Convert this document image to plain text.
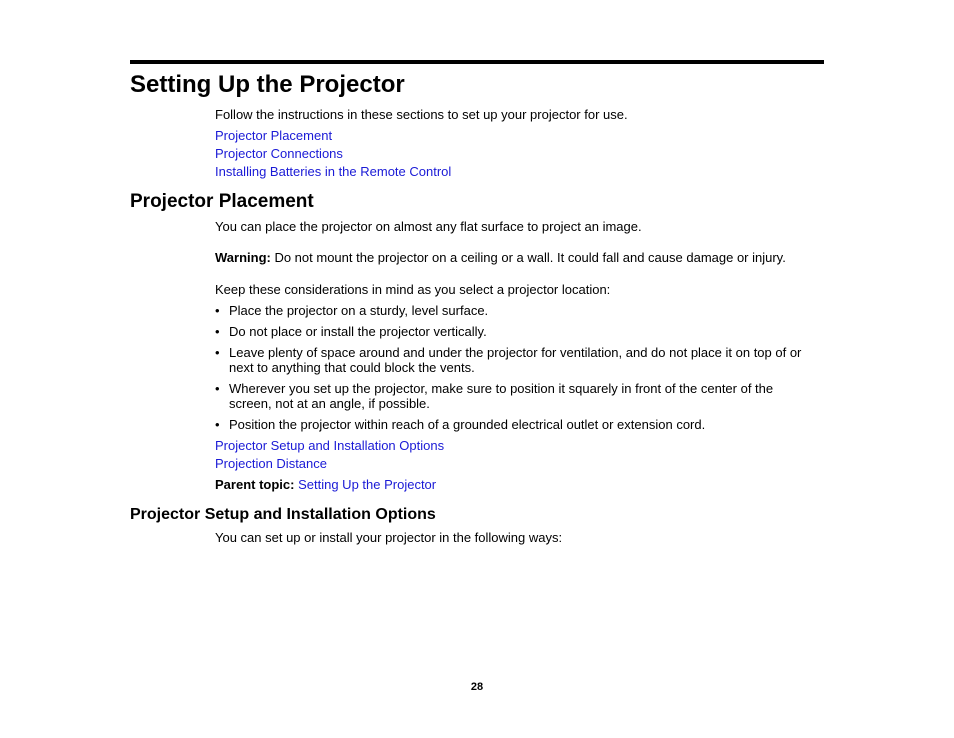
Setting Up the Projector
Follow the instructions in these sections to set up your projector for use.
Projector Placement
Projector Connections
Installing Batteries in the Remote Control
Projector Placement
You can place the projector on almost any flat surface to project an image.
Warning: Do not mount the projector on a ceiling or a wall. It could fall and cause damage or injury.
Keep these considerations in mind as you select a projector location:
• Place the projector on a sturdy, level surface.
• Do not place or install the projector vertically.
• Leave plenty of space around and under the projector for ventilation, and do not place it on top of or next to anything that could block the vents.
• Wherever you set up the projector, make sure to position it squarely in front of the center of the screen, not at an angle, if possible.
• Position the projector within reach of a grounded electrical outlet or extension cord.
Projector Setup and Installation Options
Projection Distance
Parent topic: Setting Up the Projector
Projector Setup and Installation Options
You can set up or install your projector in the following ways:
28
